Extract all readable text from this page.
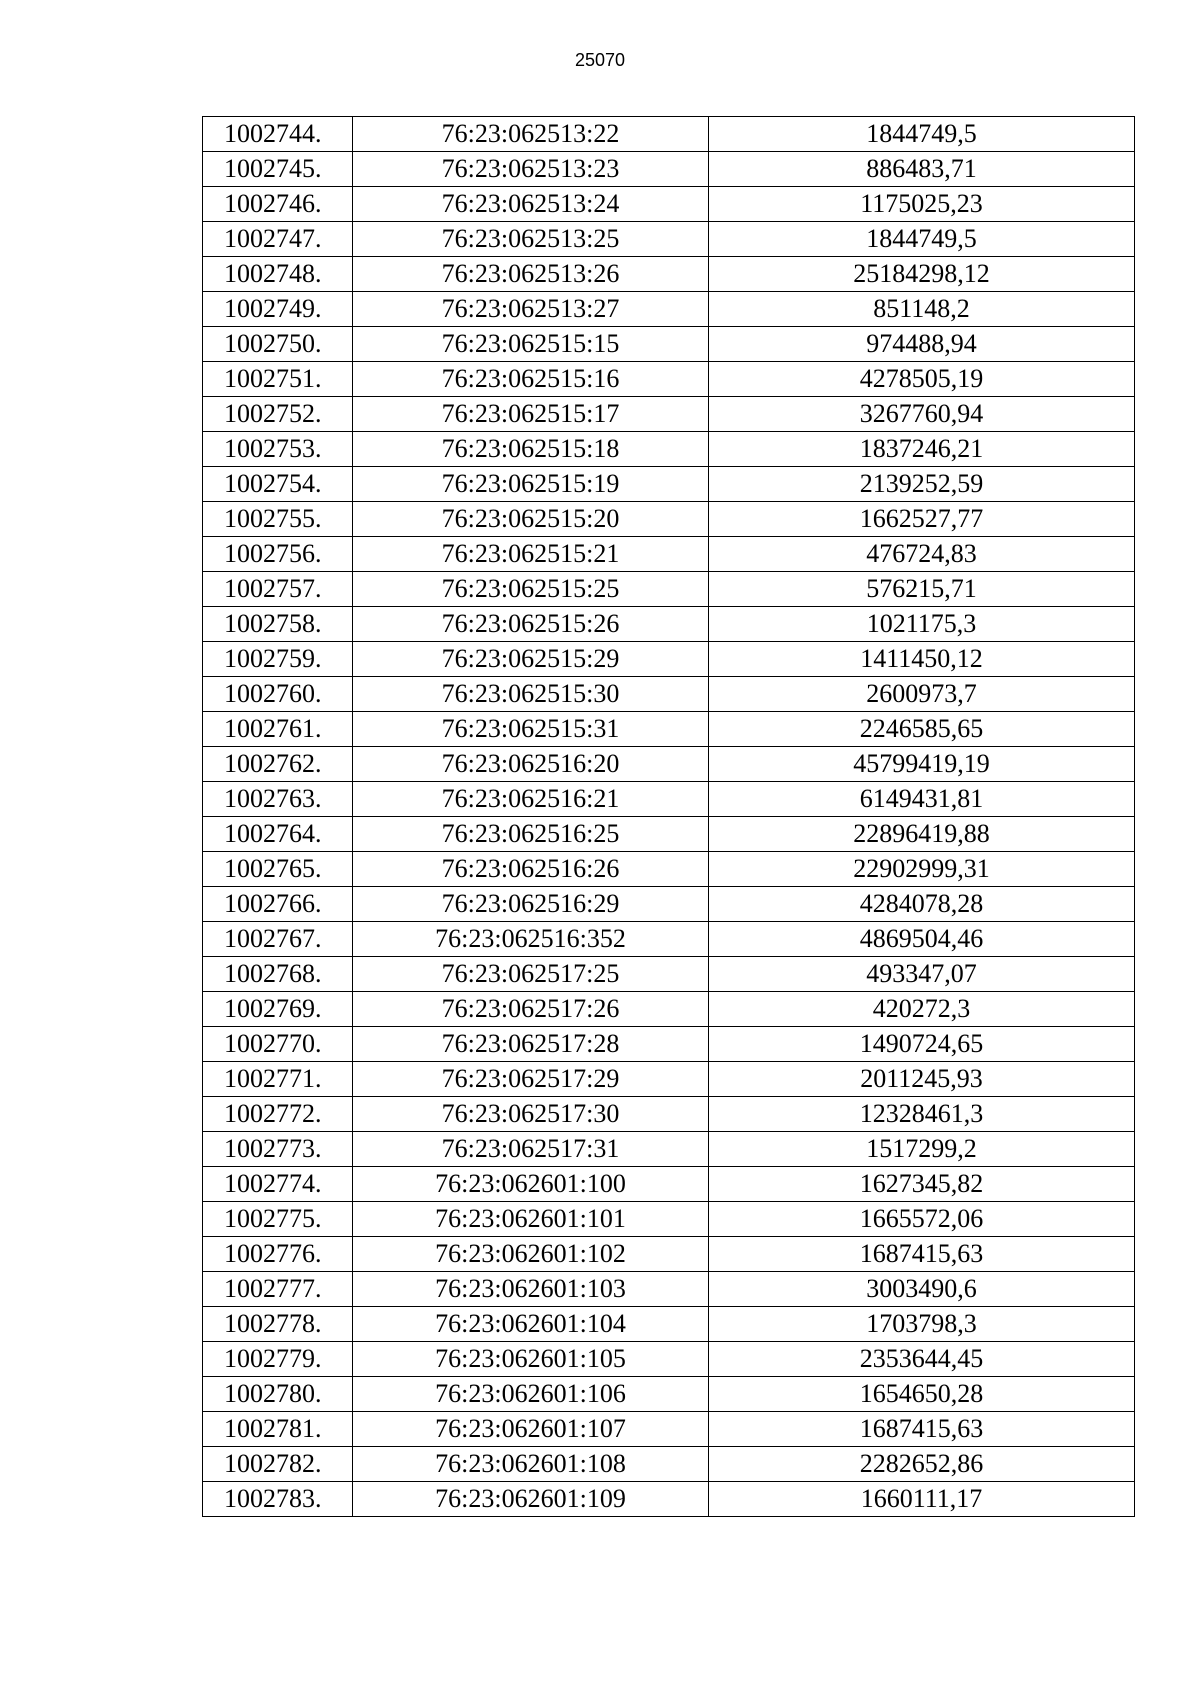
25070
1002744.	76:23:062513:22	1844749,5
1002745.	76:23:062513:23	886483,71
1002746.	76:23:062513:24	1175025,23
1002747.	76:23:062513:25	1844749,5
1002748.	76:23:062513:26	25184298,12
1002749.	76:23:062513:27	851148,2
1002750.	76:23:062515:15	974488,94
1002751.	76:23:062515:16	4278505,19
1002752.	76:23:062515:17	3267760,94
1002753.	76:23:062515:18	1837246,21
1002754.	76:23:062515:19	2139252,59
1002755.	76:23:062515:20	1662527,77
1002756.	76:23:062515:21	476724,83
1002757.	76:23:062515:25	576215,71
1002758.	76:23:062515:26	1021175,3
1002759.	76:23:062515:29	1411450,12
1002760.	76:23:062515:30	2600973,7
1002761.	76:23:062515:31	2246585,65
1002762.	76:23:062516:20	45799419,19
1002763.	76:23:062516:21	6149431,81
1002764.	76:23:062516:25	22896419,88
1002765.	76:23:062516:26	22902999,31
1002766.	76:23:062516:29	4284078,28
1002767.	76:23:062516:352	4869504,46
1002768.	76:23:062517:25	493347,07
1002769.	76:23:062517:26	420272,3
1002770.	76:23:062517:28	1490724,65
1002771.	76:23:062517:29	2011245,93
1002772.	76:23:062517:30	12328461,3
1002773.	76:23:062517:31	1517299,2
1002774.	76:23:062601:100	1627345,82
1002775.	76:23:062601:101	1665572,06
1002776.	76:23:062601:102	1687415,63
1002777.	76:23:062601:103	3003490,6
1002778.	76:23:062601:104	1703798,3
1002779.	76:23:062601:105	2353644,45
1002780.	76:23:062601:106	1654650,28
1002781.	76:23:062601:107	1687415,63
1002782.	76:23:062601:108	2282652,86
1002783.	76:23:062601:109	1660111,17
